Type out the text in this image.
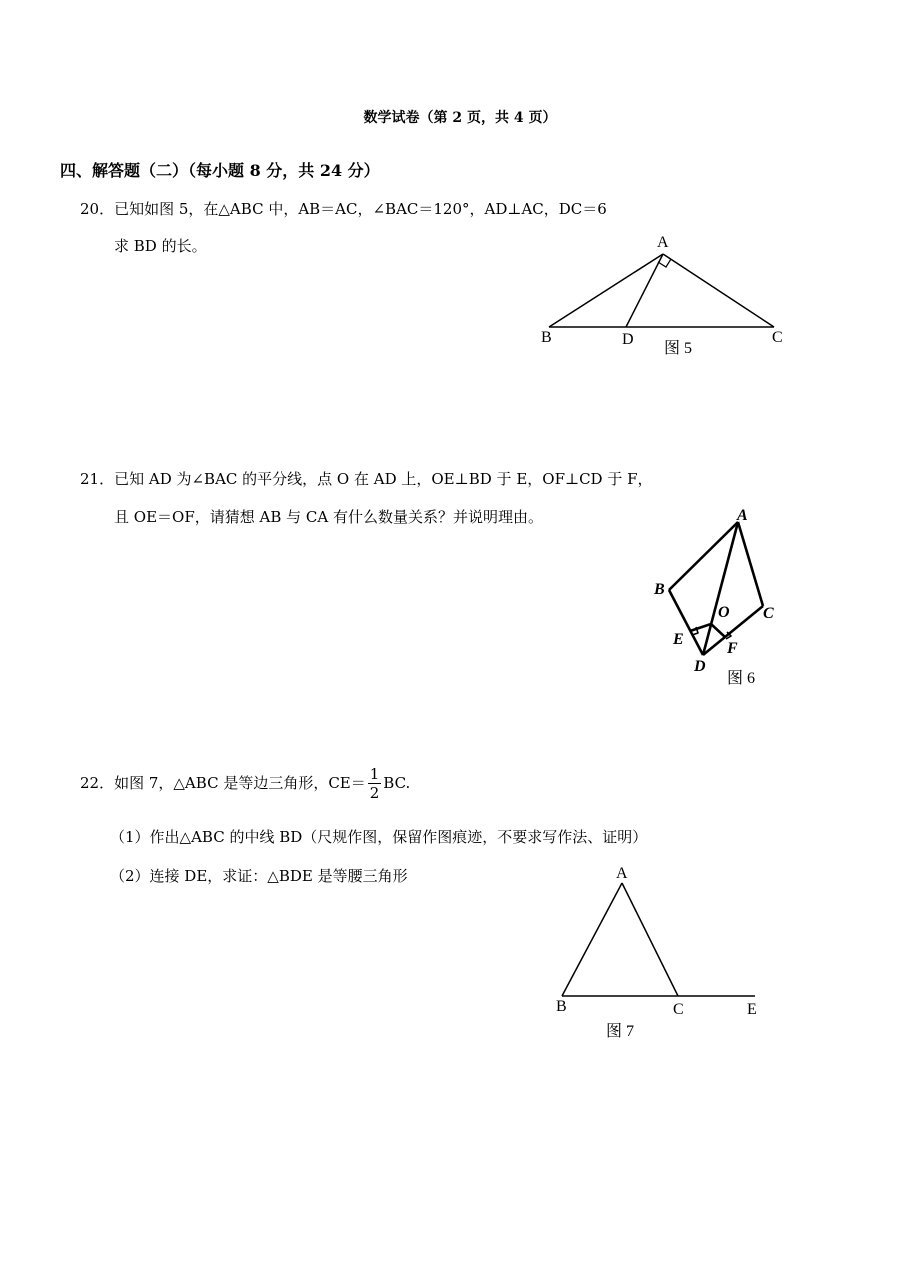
数学试卷（第 2 页，共 4 页）
四、解答题（二）（每小题 8 分，共 24 分）
20．已知如图 5，在△ABC 中，AB＝AC，∠BAC＝120°，AD⊥AC，DC＝6
求 BD 的长。	A
B	D	C
图 5
21．已知 AD 为∠BAC 的平分线，点 O 在 AD 上，OE⊥BD 于 E，OF⊥CD 于 F，
且 OE＝OF，请猜想 AB 与 CA 有什么数量关系？并说明理由。	A
B
C
O
E
F
D
图 6
22．如图 7，△ABC 是等边三角形，$CE= \frac{1}{2}$ BC.
（1）作出△ABC 的中线 BD（尺规作图，保留作图痕迹，不要求写作法、证明）
（2）连接 DE，求证：△BDE 是等腰三角形	A
B	C	E
图 7
